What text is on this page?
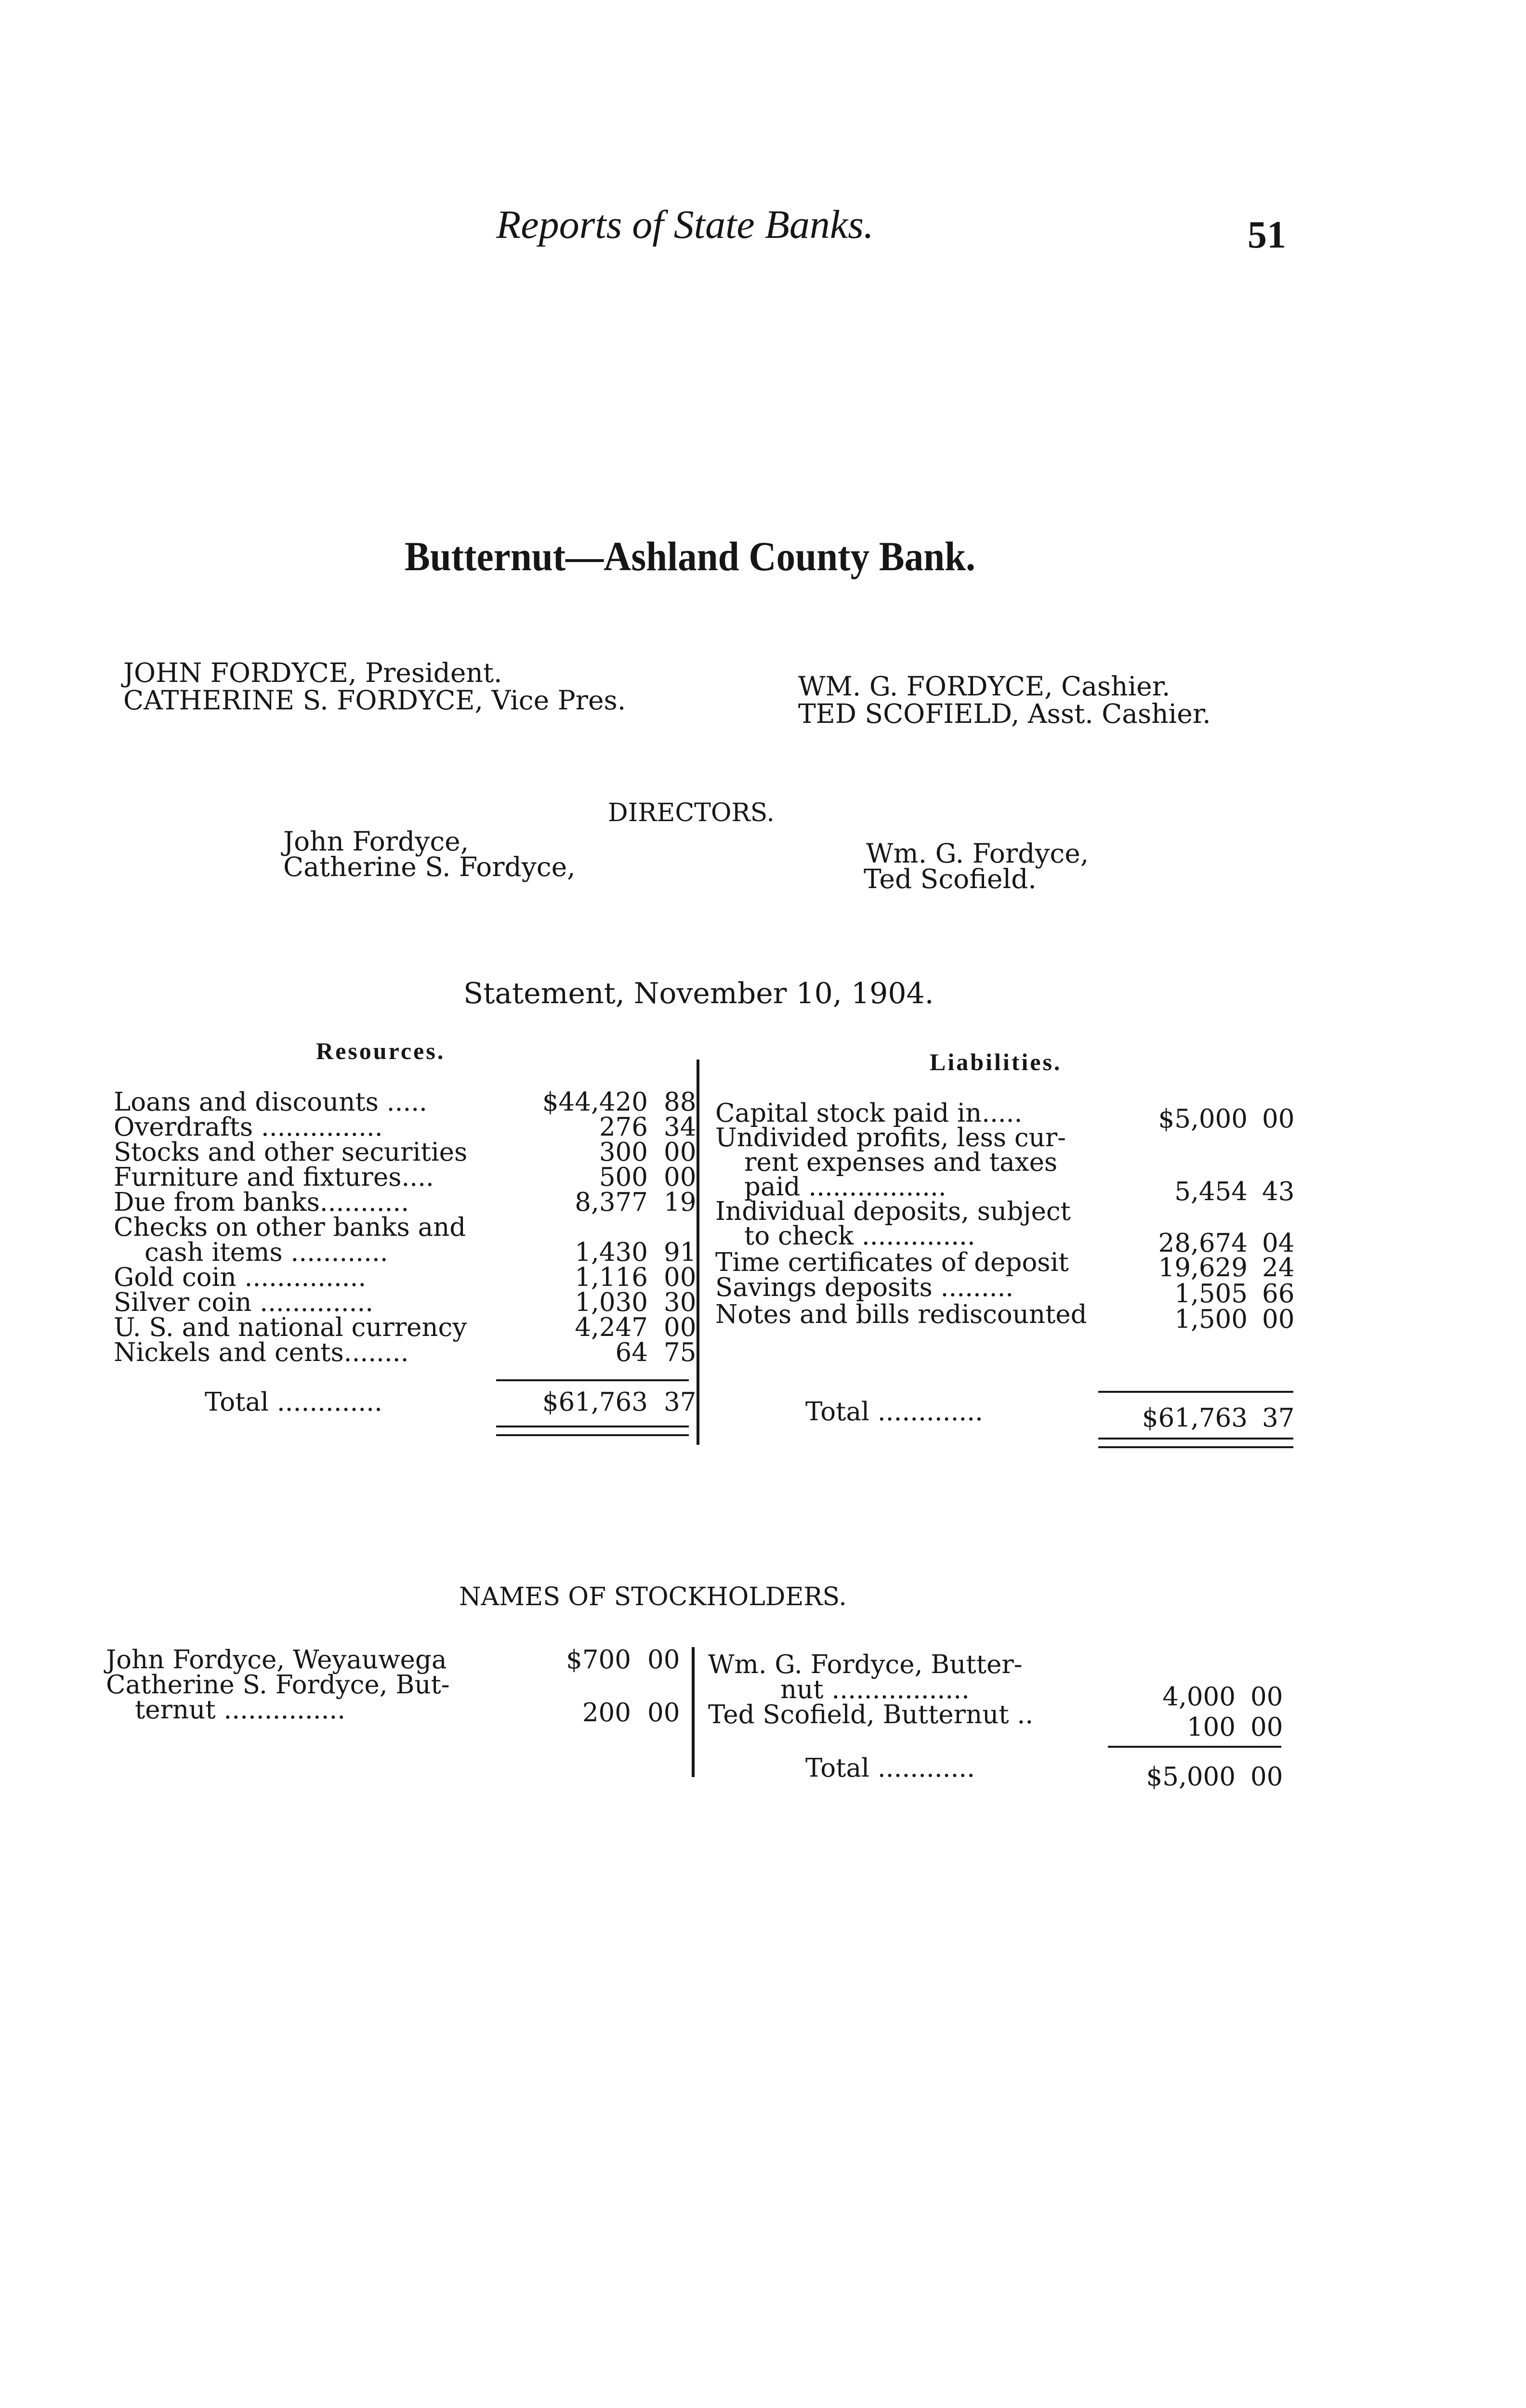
Reports of State Banks.	51
Butternut—Ashland County Bank.
JOHN FORDYCE, President.
CATHERINE S. FORDYCE, Vice Pres.	WM. G. FORDYCE, Cashier.
TED SCOFIELD, Asst. Cashier.
DIRECTORS.
John Fordyce,
Catherine S. Fordyce,	Wm. G. Fordyce,
Ted Scofield.
Statement, November 10, 1904.
Resources.
Loans and discounts .....	$44,420 88
Overdrafts ...............	276 34
Stocks and other securities	300 00
Furniture and fixtures....	500 00
Due from banks...........	8,377 19
Checks on other banks and
cash items ............	1,430 91
Gold coin ...............	1,116 00
Silver coin ..............	1,030 30
U. S. and national currency	4,247 00
Nickels and cents........	64 75
Total .............	$61,763 37
Liabilities.
Capital stock paid in.....	$5,000 00
Undivided profits, less cur-
rent expenses and taxes
paid .................	5,454 43
Individual deposits, subject
to check ..............	28,674 04
Time certificates of deposit	19,629 24
Savings deposits .........	1,505 66
Notes and bills rediscounted	1,500 00
Total .............	$61,763 37
NAMES OF STOCKHOLDERS.
John Fordyce, Weyauwega	$700 00
Catherine S. Fordyce, But-
ternut ...............	200 00
Wm. G. Fordyce, Butter-
nut .................	4,000 00
Ted Scofield, Butternut ..	100 00
Total ............	$5,000 00
